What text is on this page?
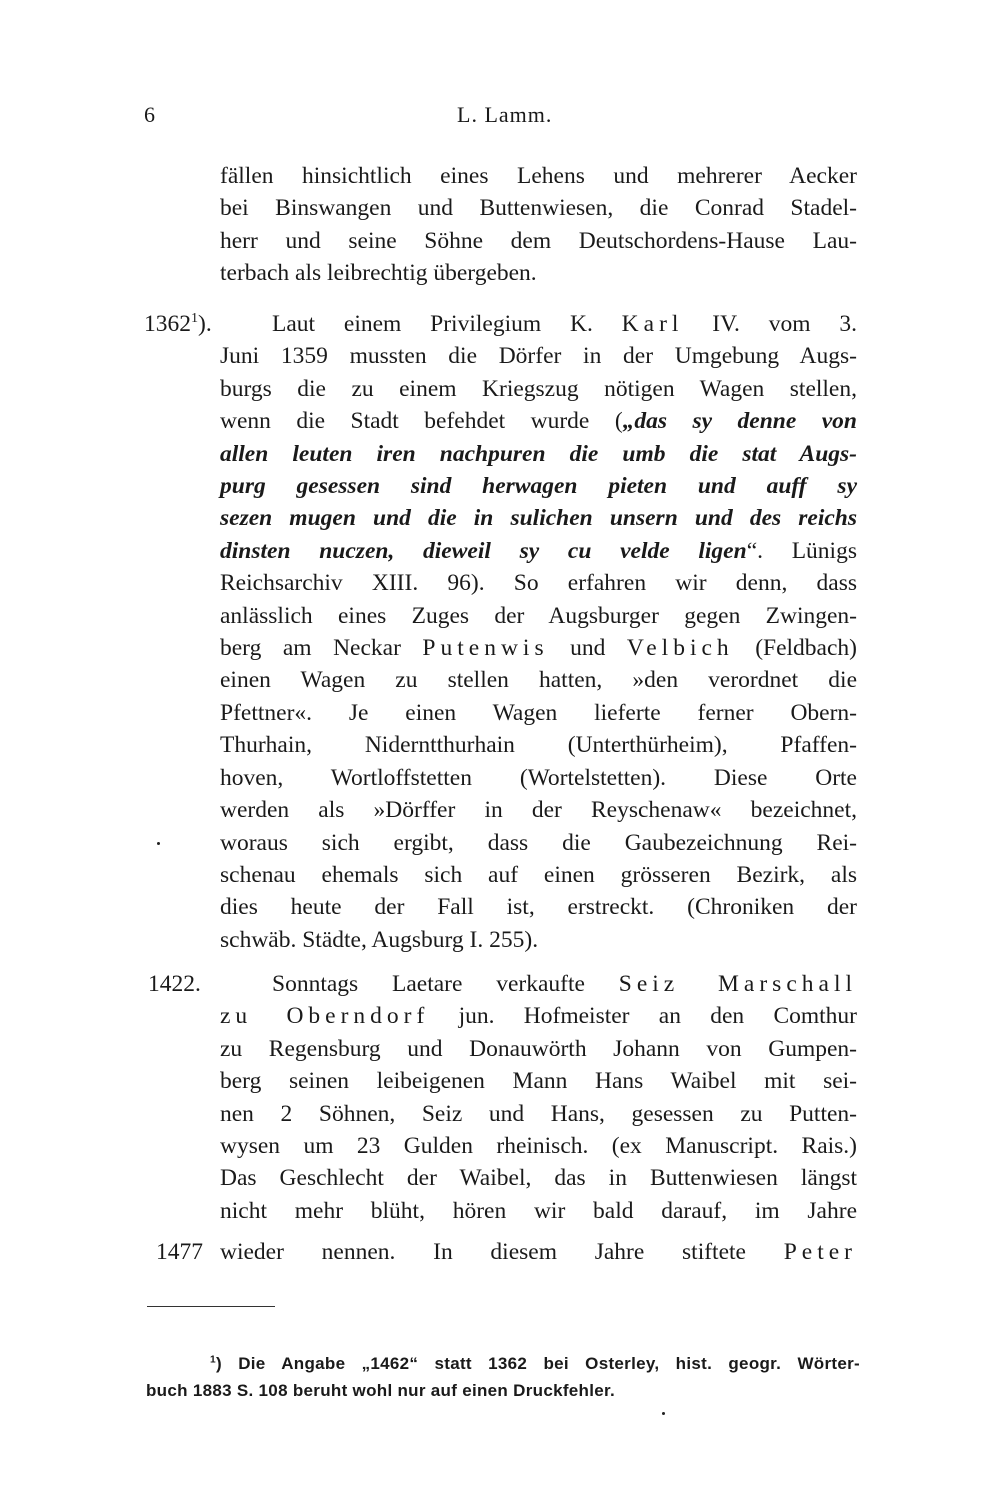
6	L. Lamm.
fällen hinsichtlich eines Lehens und mehrerer Aecker
bei Binswangen und Buttenwiesen, die Conrad Stadel-
herr und seine Söhne dem Deutschordens-Hause Lau-
terbach als leibrechtig übergeben.
1362$^1$).	Laut einem Privilegium K. Karl IV. vom 3.
Juni 1359 mussten die Dörfer in der Umgebung Augs-
burgs die zu einem Kriegszug nötigen Wagen stellen,
wenn die Stadt befehdet wurde („das sy denne von
allen leuten iren nachpuren die umb die stat Augs-
purg gesessen sind herwagen pieten und auff sy
sezen mugen und die in sulichen unsern und des reichs
dinsten nuczen, dieweil sy cu velde ligen“. Lünigs
Reichsarchiv XIII. 96). So erfahren wir denn, dass
anlässlich eines Zuges der Augsburger gegen Zwingen-
berg am Neckar Putenwis und Velbich (Feldbach)
einen Wagen zu stellen hatten, »den verordnet die
Pfettner«. Je einen Wagen lieferte ferner Obern-
Thurhain, Niderntthurhain (Unterthürheim), Pfaffen-
hoven, Wortloffstetten (Wortelstetten). Diese Orte
werden als »Dörffer in der Reyschenaw« bezeichnet,
woraus sich ergibt, dass die Gaubezeichnung Rei-
schenau ehemals sich auf einen grösseren Bezirk, als
dies heute der Fall ist, erstreckt. (Chroniken der
schwäb. Städte, Augsburg I. 255).
1422.	Sonntags Laetare verkaufte Seiz Marschall
zu Oberndorf jun. Hofmeister an den Comthur
zu Regensburg und Donauwörth Johann von Gumpen-
berg seinen leibeigenen Mann Hans Waibel mit sei-
nen 2 Söhnen, Seiz und Hans, gesessen zu Putten-
wysen um 23 Gulden rheinisch. (ex Manuscript. Rais.)
Das Geschlecht der Waibel, das in Buttenwiesen längst
nicht mehr blüht, hören wir bald darauf, im Jahre
1477 wieder nennen. In diesem Jahre stiftete Peter
$^1$) Die Angabe „1462“ statt 1362 bei Osterley, hist. geogr. Wörter-
buch 1883 S. 108 beruht wohl nur auf einen Druckfehler.
